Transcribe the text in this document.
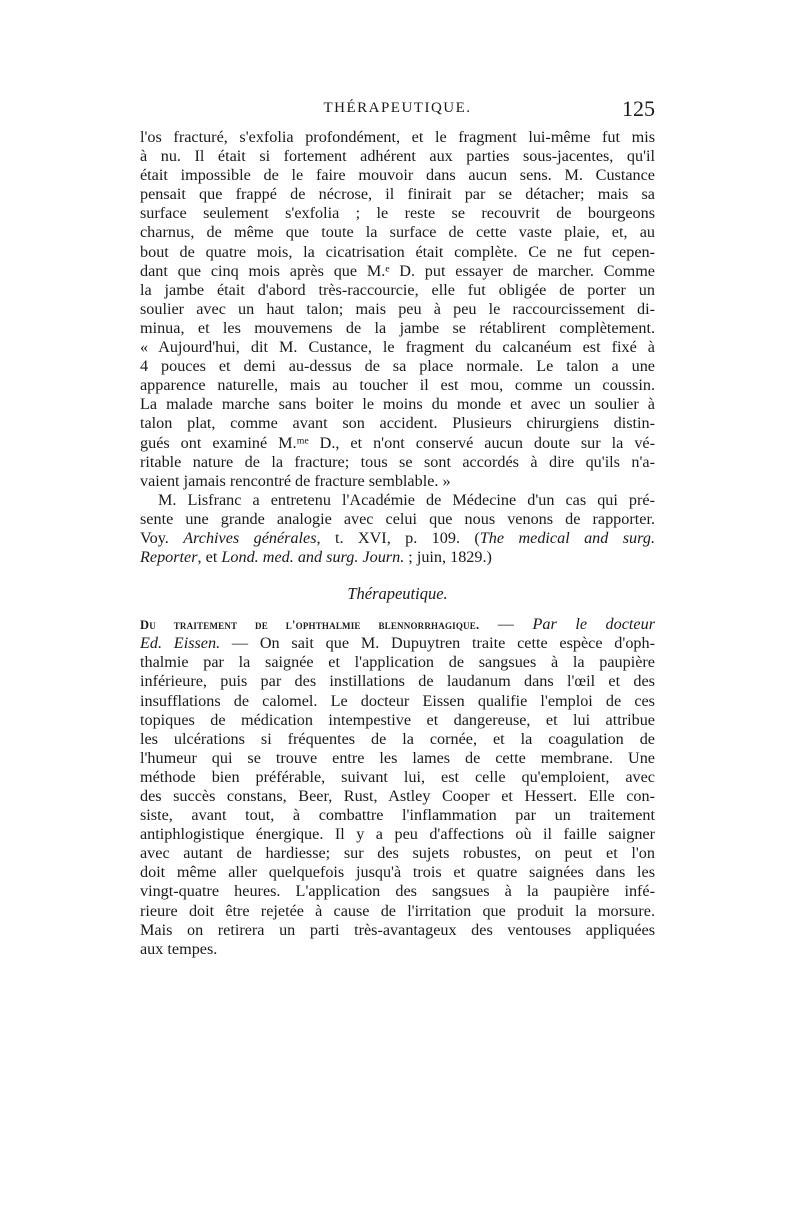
THÉRAPEUTIQUE.	125
l'os fracturé, s'exfolia profondément, et le fragment lui-même fut mis
à nu. Il était si fortement adhérent aux parties sous-jacentes, qu'il
était impossible de le faire mouvoir dans aucun sens. M. Custance
pensait que frappé de nécrose, il finirait par se détacher; mais sa
surface seulement s'exfolia ; le reste se recouvrit de bourgeons
charnus, de même que toute la surface de cette vaste plaie, et, au
bout de quatre mois, la cicatrisation était complète. Ce ne fut cepen-
dant que cinq mois après que M.ᵉ D. put essayer de marcher. Comme
la jambe était d'abord très-raccourcie, elle fut obligée de porter un
soulier avec un haut talon; mais peu à peu le raccourcissement di-
minua, et les mouvemens de la jambe se rétablirent complètement.
« Aujourd'hui, dit M. Custance, le fragment du calcanéum est fixé à
4 pouces et demi au-dessus de sa place normale. Le talon a une
apparence naturelle, mais au toucher il est mou, comme un coussin.
La malade marche sans boiter le moins du monde et avec un soulier à
talon plat, comme avant son accident. Plusieurs chirurgiens distin-
gués ont examiné M.ᵐᵉ D., et n'ont conservé aucun doute sur la vé-
ritable nature de la fracture; tous se sont accordés à dire qu'ils n'a-
vaient jamais rencontré de fracture semblable. »
M. Lisfranc a entretenu l'Académie de Médecine d'un cas qui pré-
sente une grande analogie avec celui que nous venons de rapporter.
Voy. Archives générales, t. XVI, p. 109. (The medical and surg.
Reporter, et Lond. med. and surg. Journ. ; juin, 1829.)
Thérapeutique.
Du traitement de l'ophthalmie blennorrhagique. — Par le docteur
Ed. Eissen. — On sait que M. Dupuytren traite cette espèce d'oph-
thalmie par la saignée et l'application de sangsues à la paupière
inférieure, puis par des instillations de laudanum dans l'œil et des
insufflations de calomel. Le docteur Eissen qualifie l'emploi de ces
topiques de médication intempestive et dangereuse, et lui attribue
les ulcérations si fréquentes de la cornée, et la coagulation de
l'humeur qui se trouve entre les lames de cette membrane. Une
méthode bien préférable, suivant lui, est celle qu'emploient, avec
des succès constans, Beer, Rust, Astley Cooper et Hessert. Elle con-
siste, avant tout, à combattre l'inflammation par un traitement
antiphlogistique énergique. Il y a peu d'affections où il faille saigner
avec autant de hardiesse; sur des sujets robustes, on peut et l'on
doit même aller quelquefois jusqu'à trois et quatre saignées dans les
vingt-quatre heures. L'application des sangsues à la paupière infé-
rieure doit être rejetée à cause de l'irritation que produit la morsure.
Mais on retirera un parti très-avantageux des ventouses appliquées
aux tempes.
